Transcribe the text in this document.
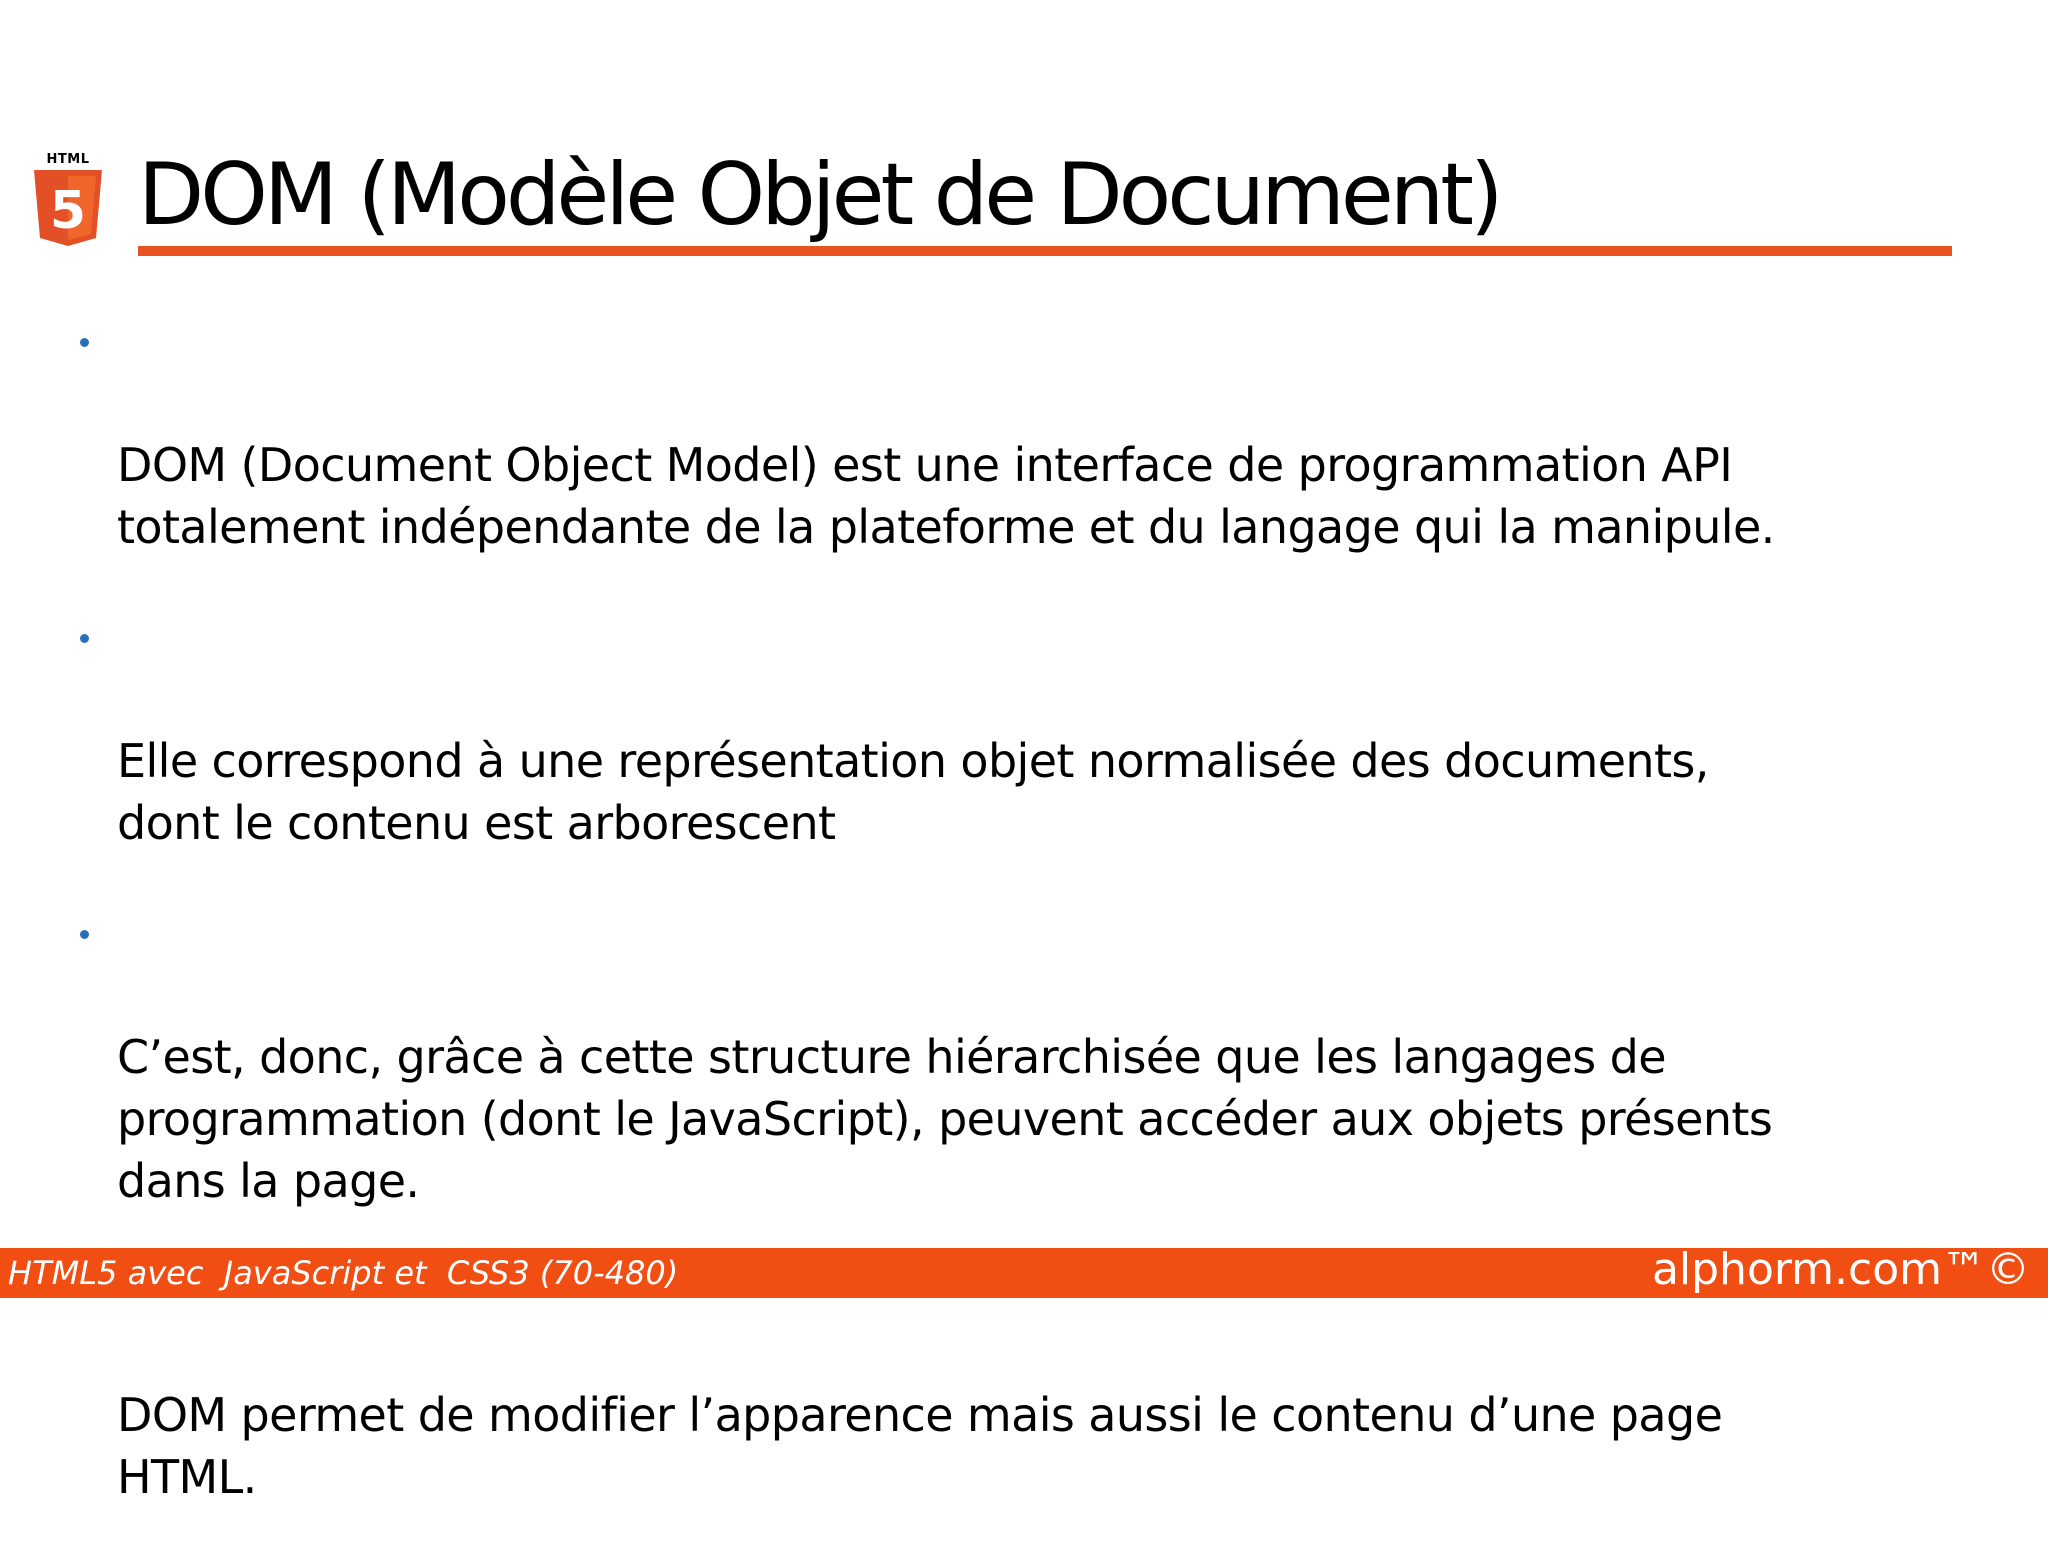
HTML
5 DOM (Modèle Objet de Document)

DOM (Document Object Model) est une interface de programmation API
totalement indépendante de la plateforme et du langage qui la manipule.

Elle correspond à une représentation objet normalisée des documents,
dont le contenu est arborescent

C’est, donc, grâce à cette structure hiérarchisée que les langages de
programmation (dont le JavaScript), peuvent accéder aux objets présents
dans la page.

DOM permet de modifier l’apparence mais aussi le contenu d’une page
HTML.

HTML5 avec  JavaScript et  CSS3 (70-480)	alphorm.com™©
